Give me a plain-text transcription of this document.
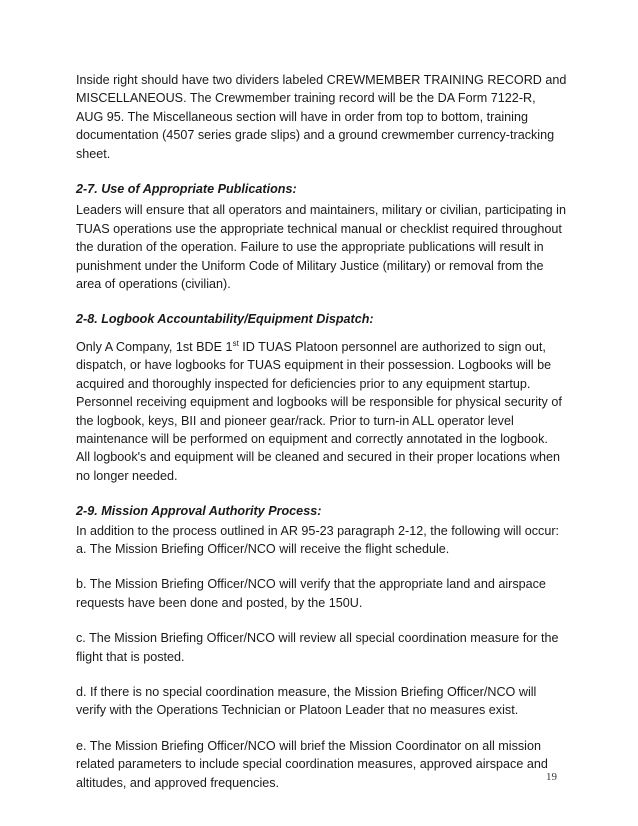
Inside right should have two dividers labeled CREWMEMBER TRAINING RECORD and
MISCELLANEOUS. The Crewmember training record will be the DA Form 7122-R,
AUG 95. The Miscellaneous section will have in order from top to bottom, training
documentation (4507 series grade slips) and a ground crewmember currency-tracking
sheet.

2-7. Use of Appropriate Publications:

Leaders will ensure that all operators and maintainers, military or civilian, participating in
TUAS operations use the appropriate technical manual or checklist required throughout
the duration of the operation. Failure to use the appropriate publications will result in
punishment under the Uniform Code of Military Justice (military) or removal from the
area of operations (civilian).

2-8. Logbook Accountability/Equipment Dispatch:

Only A Company, 1st BDE 1st ID TUAS Platoon personnel are authorized to sign out,
dispatch, or have logbooks for TUAS equipment in their possession. Logbooks will be
acquired and thoroughly inspected for deficiencies prior to any equipment startup.
Personnel receiving equipment and logbooks will be responsible for physical security of
the logbook, keys, BII and pioneer gear/rack. Prior to turn-in ALL operator level
maintenance will be performed on equipment and correctly annotated in the logbook.
All logbook's and equipment will be cleaned and secured in their proper locations when
no longer needed.

2-9. Mission Approval Authority Process:

In addition to the process outlined in AR 95-23 paragraph 2-12, the following will occur:
a. The Mission Briefing Officer/NCO will receive the flight schedule.

b. The Mission Briefing Officer/NCO will verify that the appropriate land and airspace
requests have been done and posted, by the 150U.

c. The Mission Briefing Officer/NCO will review all special coordination measure for the
flight that is posted.

d. If there is no special coordination measure, the Mission Briefing Officer/NCO will
verify with the Operations Technician or Platoon Leader that no measures exist.

e. The Mission Briefing Officer/NCO will brief the Mission Coordinator on all mission
related parameters to include special coordination measures, approved airspace and
altitudes, and approved frequencies.	19
